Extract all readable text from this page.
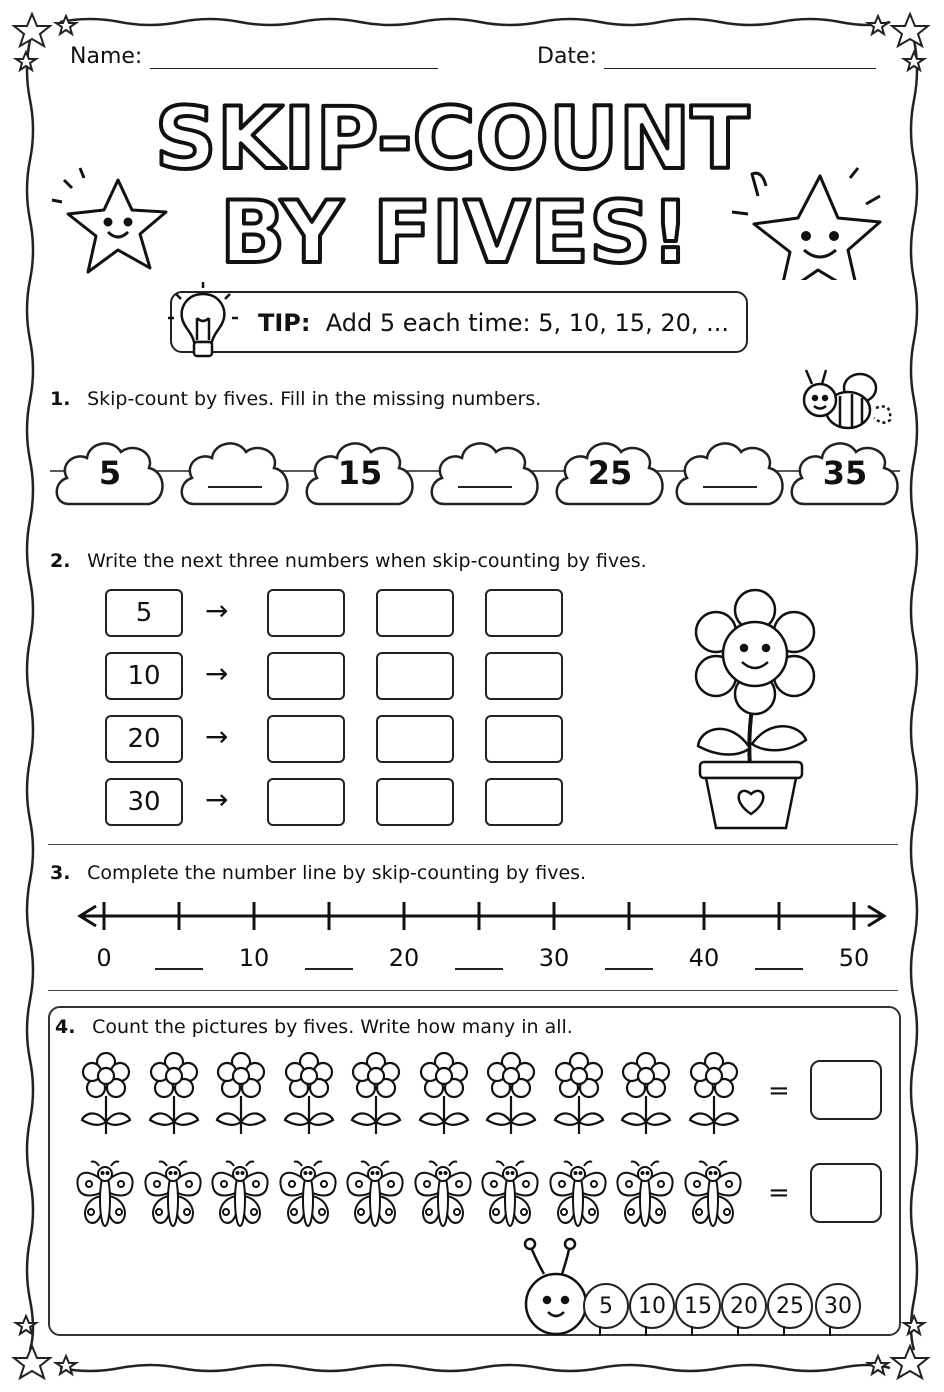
Name:	Date:
SKIP-COUNT
BY FIVES!
TIP: Add 5 each time: 5, 10, 15, 20, ...
1. Skip-count by fives. Fill in the missing numbers.
5	15	25	35
2. Write the next three numbers when skip-counting by fives.
5	→
10	→
20	→
30	→
3. Complete the number line by skip-counting by fives.
0	10	20	30	40	50
4. Count the pictures by fives. Write how many in all.
=
=
5	10 15 20 25 30
